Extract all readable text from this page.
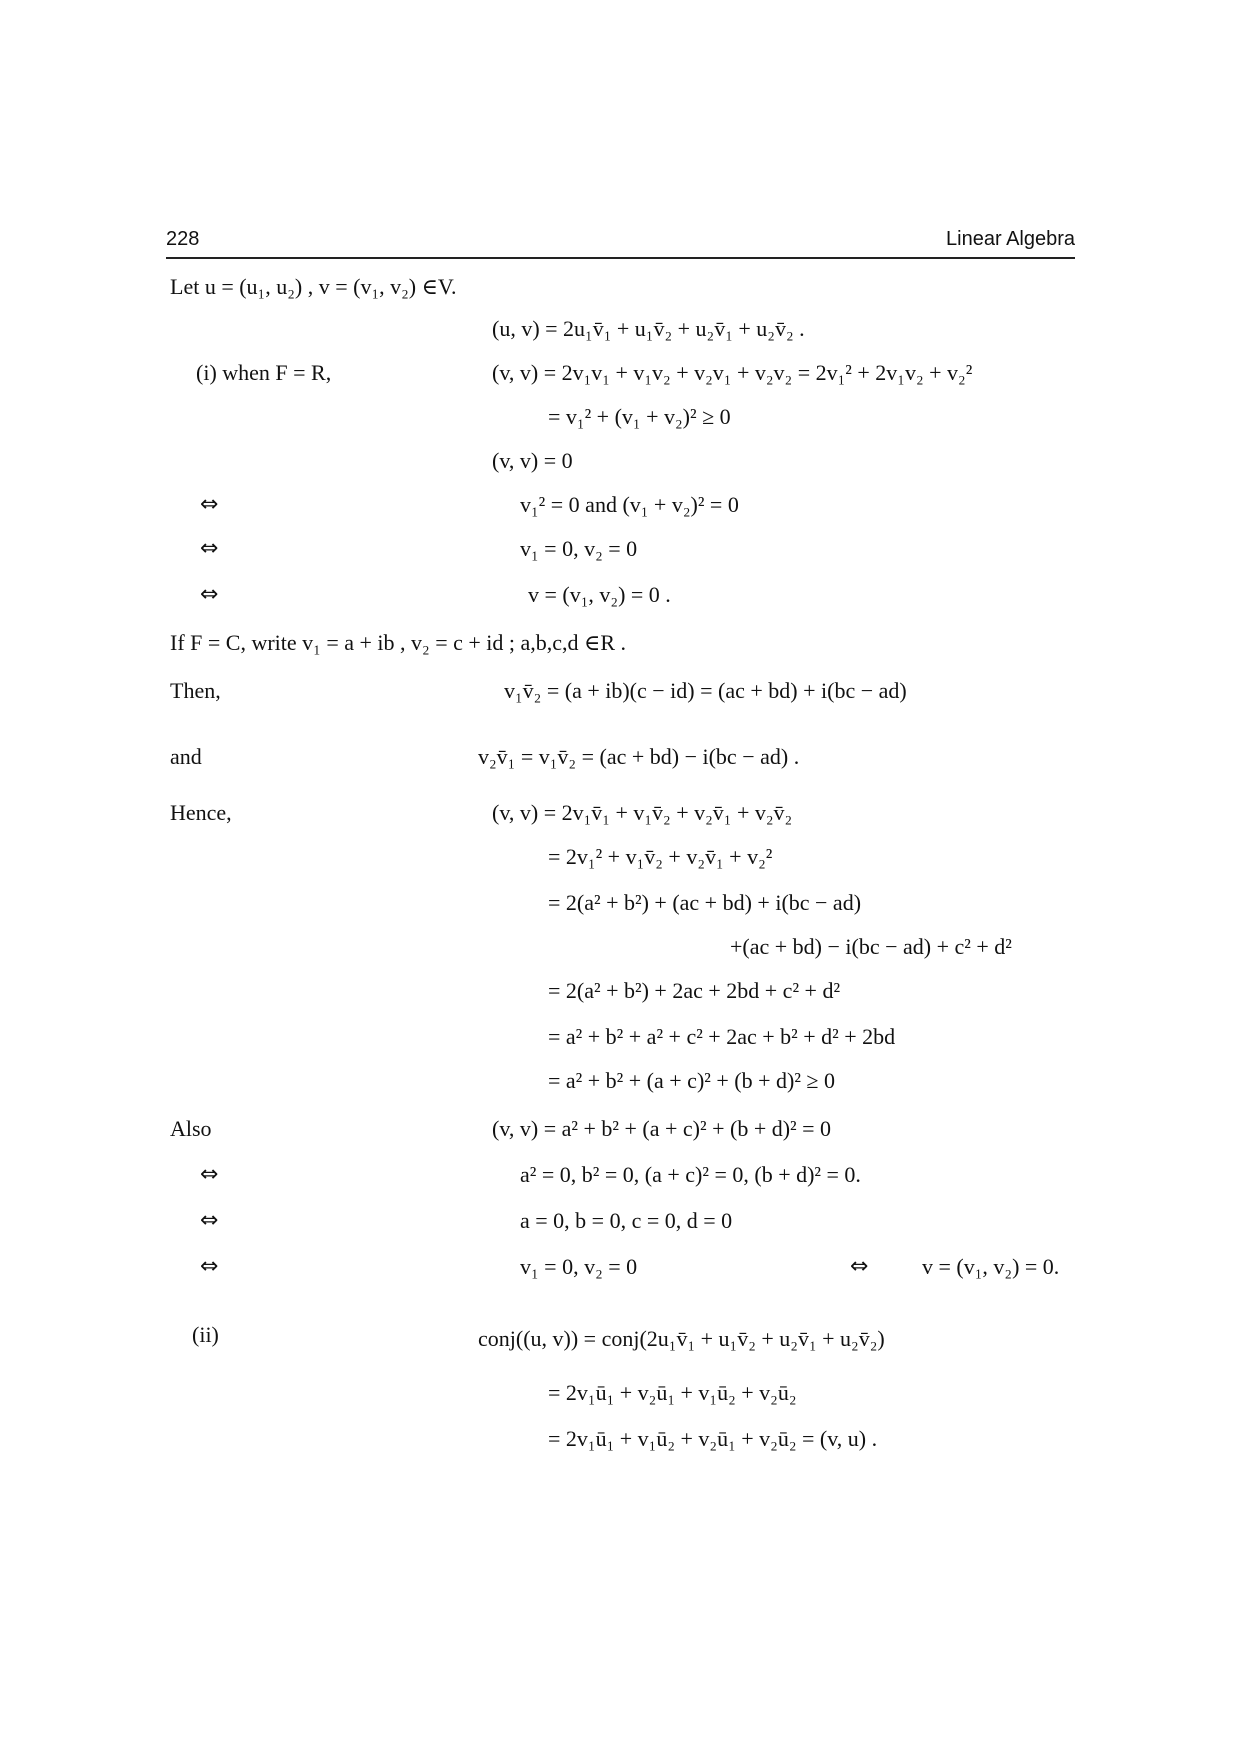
228	Linear Algebra
Let u = (u₁, u₂) , v = (v₁, v₂) ∈V.
(u, v) = 2u₁v̄₁ + u₁v̄₂ + u₂v̄₁ + u₂v̄₂ .
(i) when F = R,	(v, v) = 2v₁v₁ + v₁v₂ + v₂v₁ + v₂v₂ = 2v₁² + 2v₁v₂ + v₂²
= v₁² + (v₁ + v₂)² ≥ 0
(v, v) = 0
⇔	v₁² = 0 and (v₁ + v₂)² = 0
⇔	v₁ = 0, v₂ = 0
⇔	v = (v₁, v₂) = 0 .
If F = C, write v₁ = a + ib , v₂ = c + id ; a,b,c,d ∈R .
Then,	v₁v̄₂ = (a + ib)(c − id) = (ac + bd) + i(bc − ad)
and	v₂v̄₁ = v₁v̄₂ = (ac + bd) − i(bc − ad) .
Hence,	(v, v) = 2v₁v̄₁ + v₁v̄₂ + v₂v̄₁ + v₂v̄₂
= 2v₁² + v₁v̄₂ + v₂v̄₁ + v₂²
= 2(a² + b²) + (ac + bd) + i(bc − ad)
+(ac + bd) − i(bc − ad) + c² + d²
= 2(a² + b²) + 2ac + 2bd + c² + d²
= a² + b² + a² + c² + 2ac + b² + d² + 2bd
= a² + b² + (a + c)² + (b + d)² ≥ 0
Also	(v, v) = a² + b² + (a + c)² + (b + d)² = 0
⇔	a² = 0, b² = 0, (a + c)² = 0, (b + d)² = 0.
⇔	a = 0, b = 0, c = 0, d = 0
⇔	v₁ = 0, v₂ = 0	⇔ v = (v₁, v₂) = 0.
(ii)	conj((u, v)) = conj(2u₁v̄₁ + u₁v̄₂ + u₂v̄₁ + u₂v̄₂)
= 2v₁ū₁ + v₂ū₁ + v₁ū₂ + v₂ū₂
= 2v₁ū₁ + v₁ū₂ + v₂ū₁ + v₂ū₂ = (v, u) .
